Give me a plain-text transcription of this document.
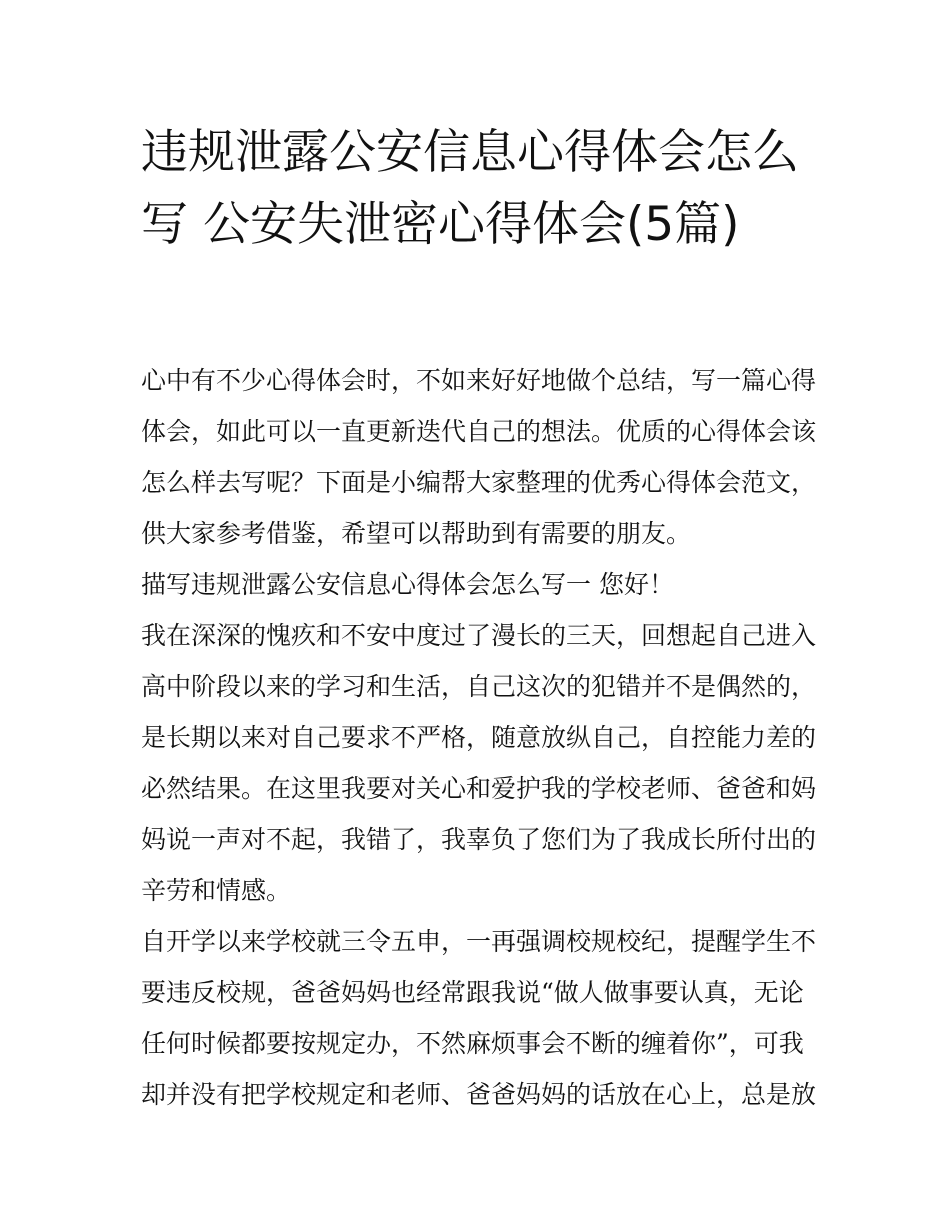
违规泄露公安信息心得体会怎么写 公安失泄密心得体会(5篇)

心中有不少心得体会时，不如来好好地做个总结，写一篇心得体会，如此可以一直更新迭代自己的想法。优质的心得体会该怎么样去写呢？下面是小编帮大家整理的优秀心得体会范文，供大家参考借鉴，希望可以帮助到有需要的朋友。

描写违规泄露公安信息心得体会怎么写一 您好！

我在深深的愧疚和不安中度过了漫长的三天，回想起自己进入高中阶段以来的学习和生活，自己这次的犯错并不是偶然的，是长期以来对自己要求不严格，随意放纵自己，自控能力差的必然结果。在这里我要对关心和爱护我的学校老师、爸爸和妈妈说一声对不起，我错了，我辜负了您们为了我成长所付出的辛劳和情感。

自开学以来学校就三令五申，一再强调校规校纪，提醒学生不要违反校规，爸爸妈妈也经常跟我说“做人做事要认真，无论任何时候都要按规定办，不然麻烦事会不断的缠着你”，可我却并没有把学校规定和老师、爸爸妈妈的话放在心上，总是放
